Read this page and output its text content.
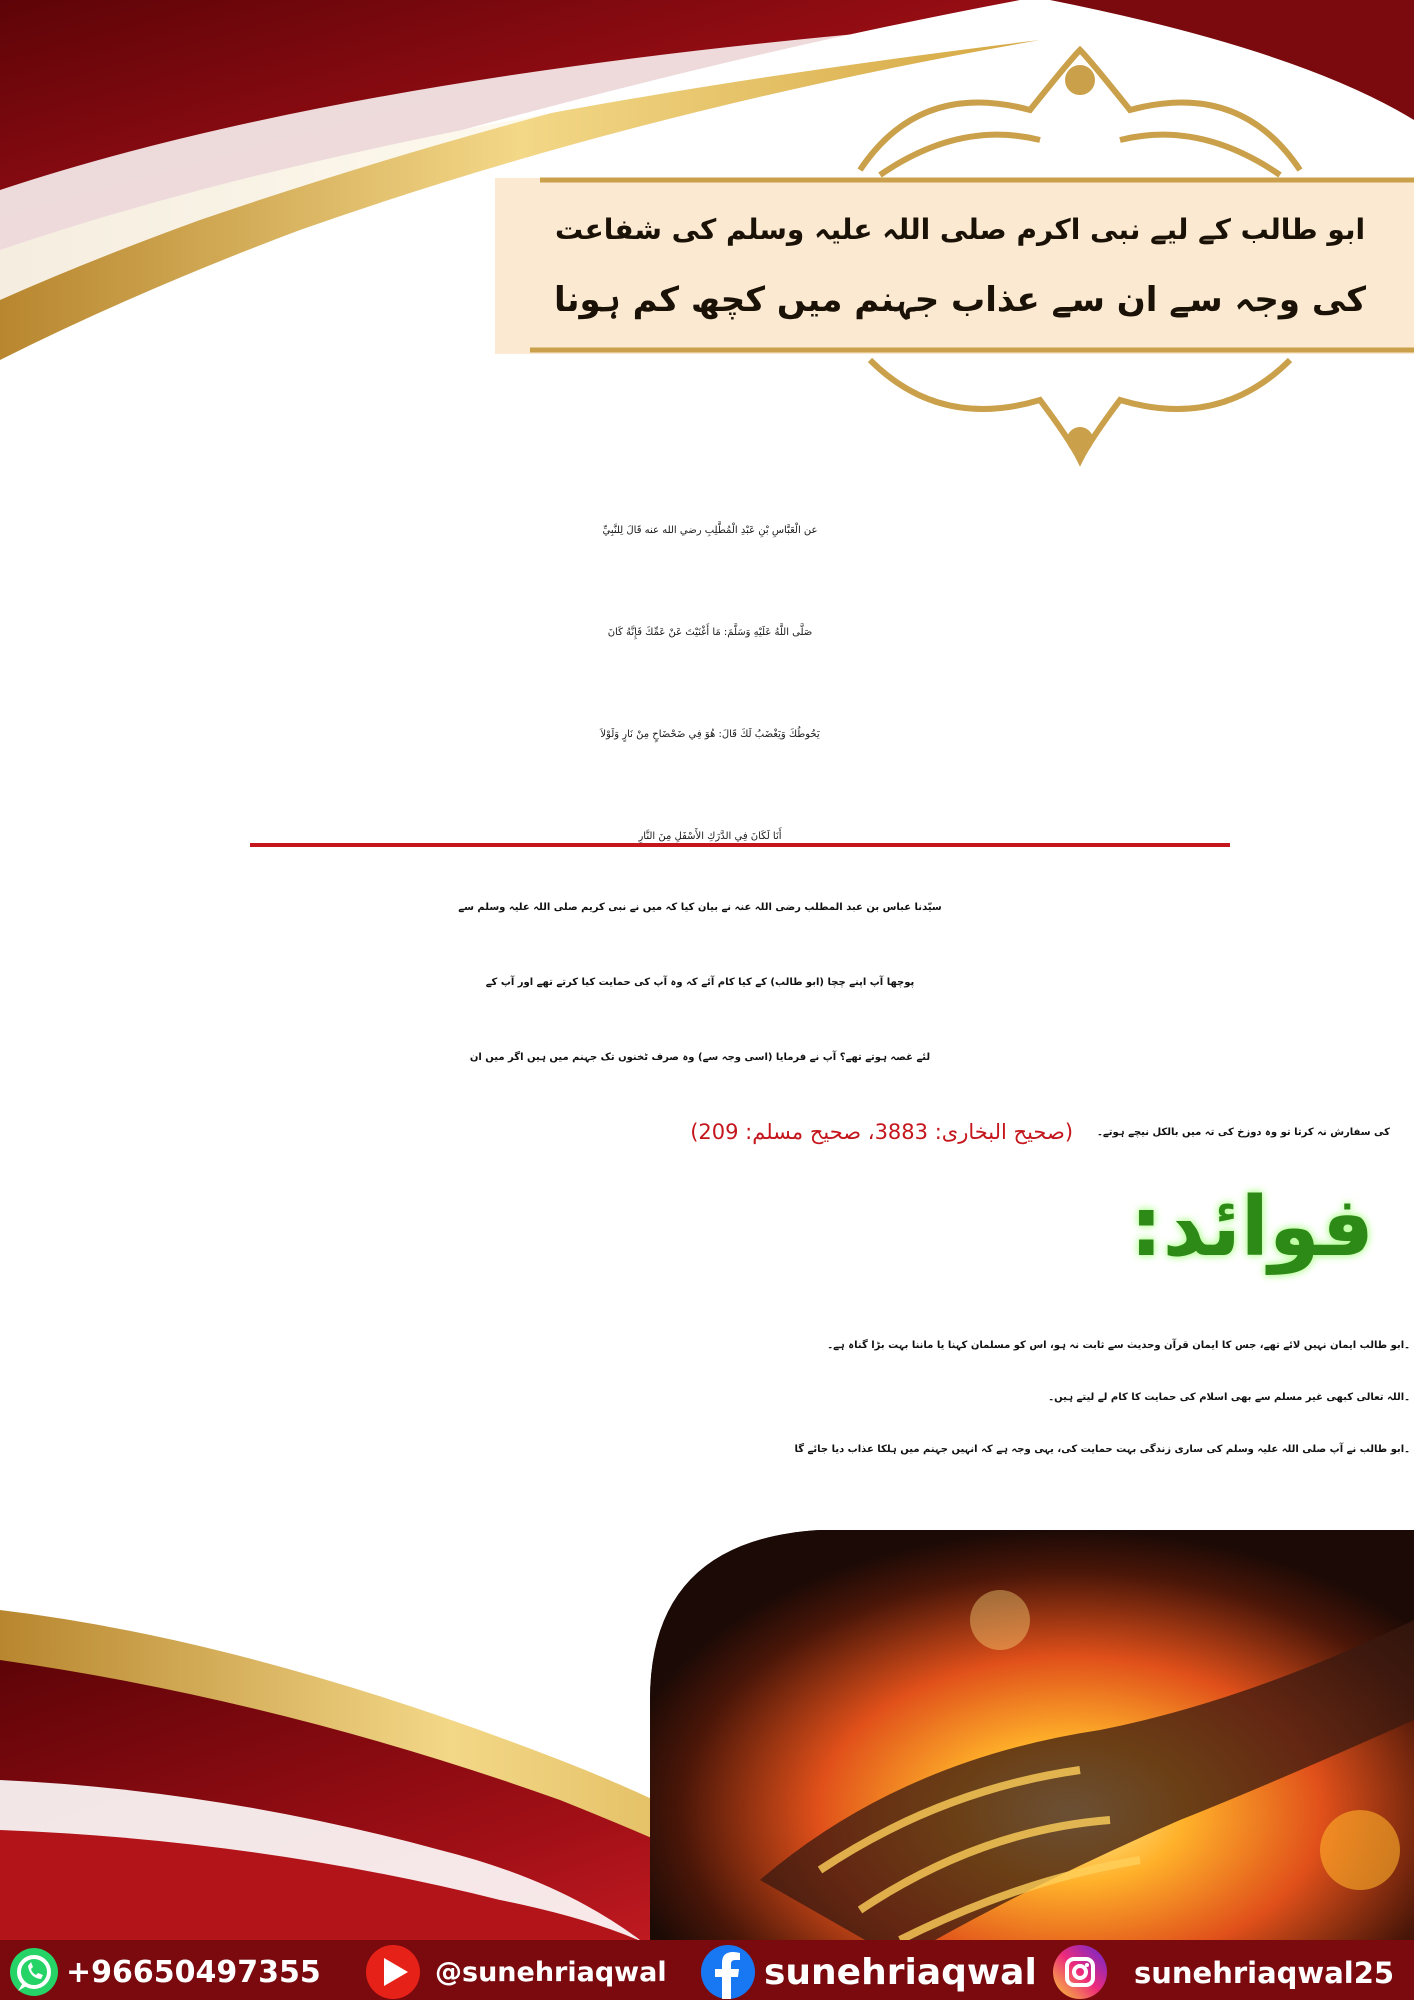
ابو طالب کے لیے نبی اکرم صلی اللہ علیہ وسلم کی شفاعت
کی وجہ سے ان سے عذاب جہنم میں کچھ کم ہونا
عن الْعَبَّاسِ بْنِ عَبْدِ الْمُطَّلِبِ رضي الله عنه قَالَ لِلنَّبِيِّ
صَلَّى اللَّهُ عَلَيْهِ وَسَلَّمَ: مَا أَغْنَيْتَ عَنْ عَمِّكَ فَإِنَّهُ كَانَ
يَحُوطُكَ وَيَغْضَبُ لَكَ قَالَ: هُوَ فِي ضَحْضَاحٍ مِنْ نَارٍ وَلَوْلاَ
أَنَا لَكَانَ فِي الدَّرَكِ الأَسْفَلِ مِنَ النَّارِ
سیّدنا عباس بن عبد المطلب رضی اللہ عنہ نے بیان کیا کہ میں نے نبی کریم صلی اللہ علیہ وسلم سے
پوچھا آپ اپنے چچا (ابو طالب) کے کیا کام آئے کہ وہ آپ کی حمایت کیا کرتے تھے اور آپ کے
لئے غصہ ہوتے تھے؟ آپ نے فرمایا (اسی وجہ سے) وہ صرف ٹخنوں تک جہنم میں ہیں اگر میں ان
کی سفارش نہ کرتا تو وہ دوزخ کی تہ میں بالکل نیچے ہوتے۔
(صحیح البخاری: 3883، صحیح مسلم: 209)
فوائد:
۔ابو طالب ایمان نہیں لائے تھے، جس کا ایمان قرآن وحدیث سے ثابت نہ ہو، اس کو مسلمان کہنا یا ماننا بہت بڑا گناہ ہے۔
۔اللہ تعالی کبھی غیر مسلم سے بھی اسلام کی حمایت کا کام لے لیتے ہیں۔
۔ابو طالب نے آپ صلی اللہ علیہ وسلم کی ساری زندگی بہت حمایت کی، یہی وجہ ہے کہ انہیں جہنم میں ہلکا عذاب دیا جائے گا
+96650497355	@sunehriaqwal	sunehriaqwal	sunehriaqwal25
